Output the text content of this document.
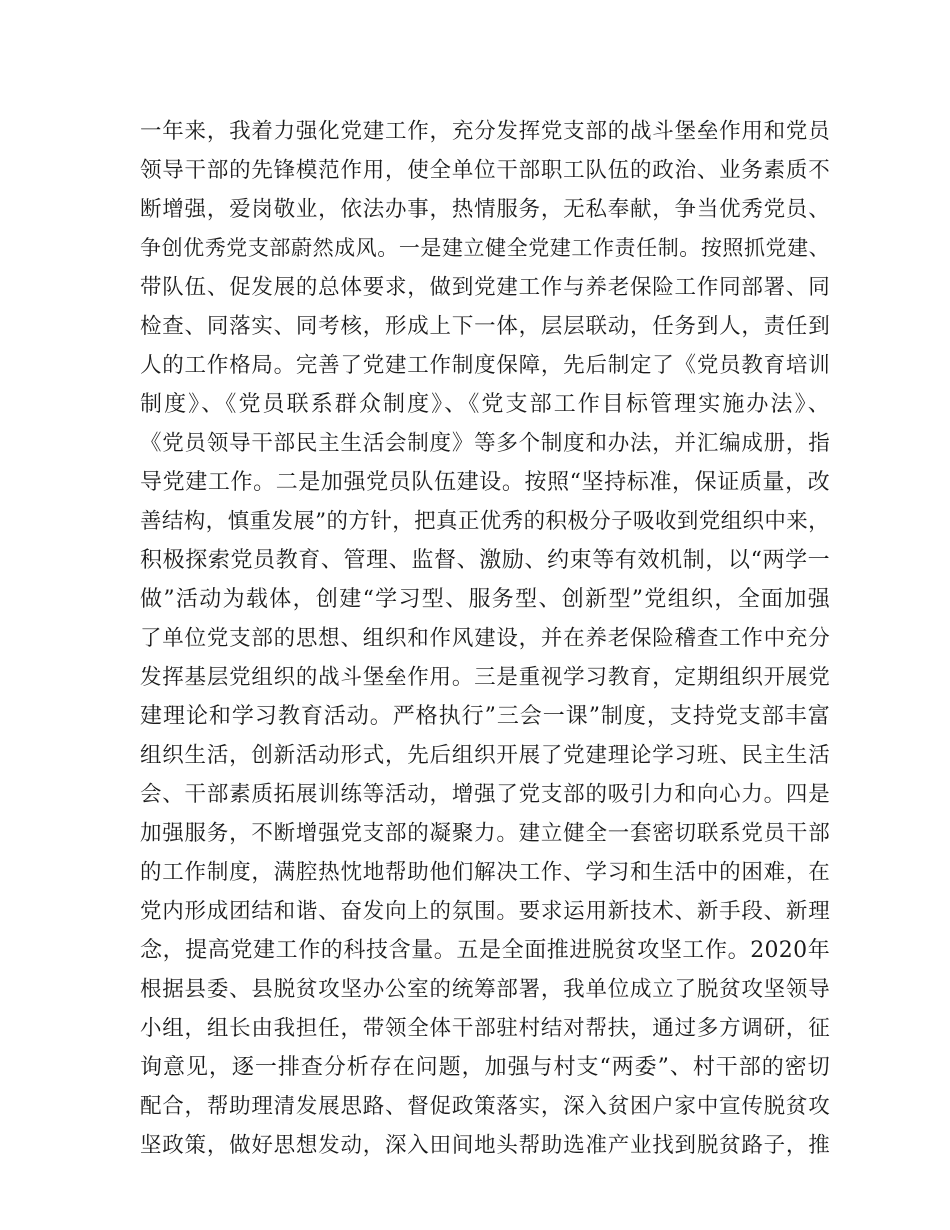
一年来，我着力强化党建工作，充分发挥党支部的战斗堡垒作用和党员
领导干部的先锋模范作用，使全单位干部职工队伍的政治、业务素质不
断增强，爱岗敬业，依法办事，热情服务，无私奉献，争当优秀党员、
争创优秀党支部蔚然成风。一是建立健全党建工作责任制。按照抓党建、
带队伍、促发展的总体要求，做到党建工作与养老保险工作同部署、同
检查、同落实、同考核，形成上下一体，层层联动，任务到人，责任到
人的工作格局。完善了党建工作制度保障，先后制定了《党员教育培训
制度》、《党员联系群众制度》、《党支部工作目标管理实施办法》、
《党员领导干部民主生活会制度》等多个制度和办法，并汇编成册，指
导党建工作。二是加强党员队伍建设。按照“坚持标准，保证质量，改
善结构，慎重发展”的方针，把真正优秀的积极分子吸收到党组织中来，
积极探索党员教育、管理、监督、激励、约束等有效机制，以“两学一
做”活动为载体，创建“学习型、服务型、创新型”党组织，全面加强
了单位党支部的思想、组织和作风建设，并在养老保险稽查工作中充分
发挥基层党组织的战斗堡垒作用。三是重视学习教育，定期组织开展党
建理论和学习教育活动。严格执行”三会一课”制度，支持党支部丰富
组织生活，创新活动形式，先后组织开展了党建理论学习班、民主生活
会、干部素质拓展训练等活动，增强了党支部的吸引力和向心力。四是
加强服务，不断增强党支部的凝聚力。建立健全一套密切联系党员干部
的工作制度，满腔热忱地帮助他们解决工作、学习和生活中的困难，在
党内形成团结和谐、奋发向上的氛围。要求运用新技术、新手段、新理
念，提高党建工作的科技含量。五是全面推进脱贫攻坚工作。2020年
根据县委、县脱贫攻坚办公室的统筹部署，我单位成立了脱贫攻坚领导
小组，组长由我担任，带领全体干部驻村结对帮扶，通过多方调研，征
询意见，逐一排查分析存在问题，加强与村支“两委”、村干部的密切
配合，帮助理清发展思路、督促政策落实，深入贫困户家中宣传脱贫攻
坚政策，做好思想发动，深入田间地头帮助选准产业找到脱贫路子，推
